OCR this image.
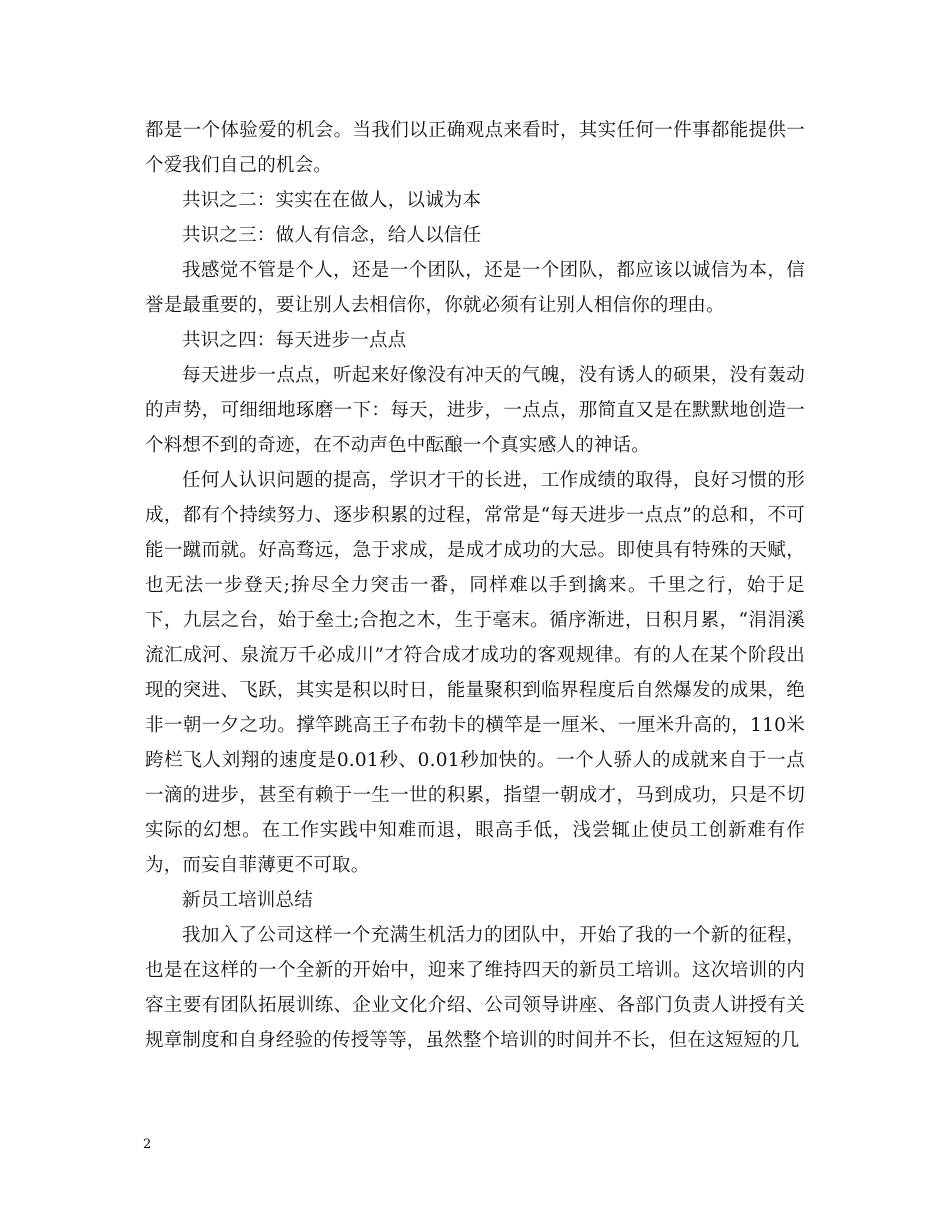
都是一个体验爱的机会。当我们以正确观点来看时，其实任何一件事都能提供一个爱我们自己的机会。

共识之二：实实在在做人，以诚为本

共识之三：做人有信念，给人以信任

我感觉不管是个人，还是一个团队，还是一个团队，都应该以诚信为本，信誉是最重要的，要让别人去相信你，你就必须有让别人相信你的理由。

共识之四：每天进步一点点

每天进步一点点，听起来好像没有冲天的气魄，没有诱人的硕果，没有轰动的声势，可细细地琢磨一下：每天，进步，一点点，那简直又是在默默地创造一个料想不到的奇迹，在不动声色中酝酿一个真实感人的神话。

任何人认识问题的提高，学识才干的长进，工作成绩的取得，良好习惯的形成，都有个持续努力、逐步积累的过程，常常是“每天进步一点点”的总和，不可能一蹴而就。好高骛远，急于求成，是成才成功的大忌。即使具有特殊的天赋，也无法一步登天;拚尽全力突击一番，同样难以手到擒来。千里之行，始于足下，九层之台，始于垒土;合抱之木，生于毫末。循序渐进，日积月累，“涓涓溪流汇成河、泉流万千必成川”才符合成才成功的客观规律。有的人在某个阶段出现的突进、飞跃，其实是积以时日，能量聚积到临界程度后自然爆发的成果，绝非一朝一夕之功。撑竿跳高王子布勃卡的横竿是一厘米、一厘米升高的，110米跨栏飞人刘翔的速度是0.01秒、0.01秒加快的。一个人骄人的成就来自于一点一滴的进步，甚至有赖于一生一世的积累，指望一朝成才，马到成功，只是不切实际的幻想。在工作实践中知难而退，眼高手低，浅尝辄止使员工创新难有作为，而妄自菲薄更不可取。

新员工培训总结

我加入了公司这样一个充满生机活力的团队中，开始了我的一个新的征程，也是在这样的一个全新的开始中，迎来了维持四天的新员工培训。这次培训的内容主要有团队拓展训练、企业文化介绍、公司领导讲座、各部门负责人讲授有关规章制度和自身经验的传授等等，虽然整个培训的时间并不长，但在这短短的几

2
